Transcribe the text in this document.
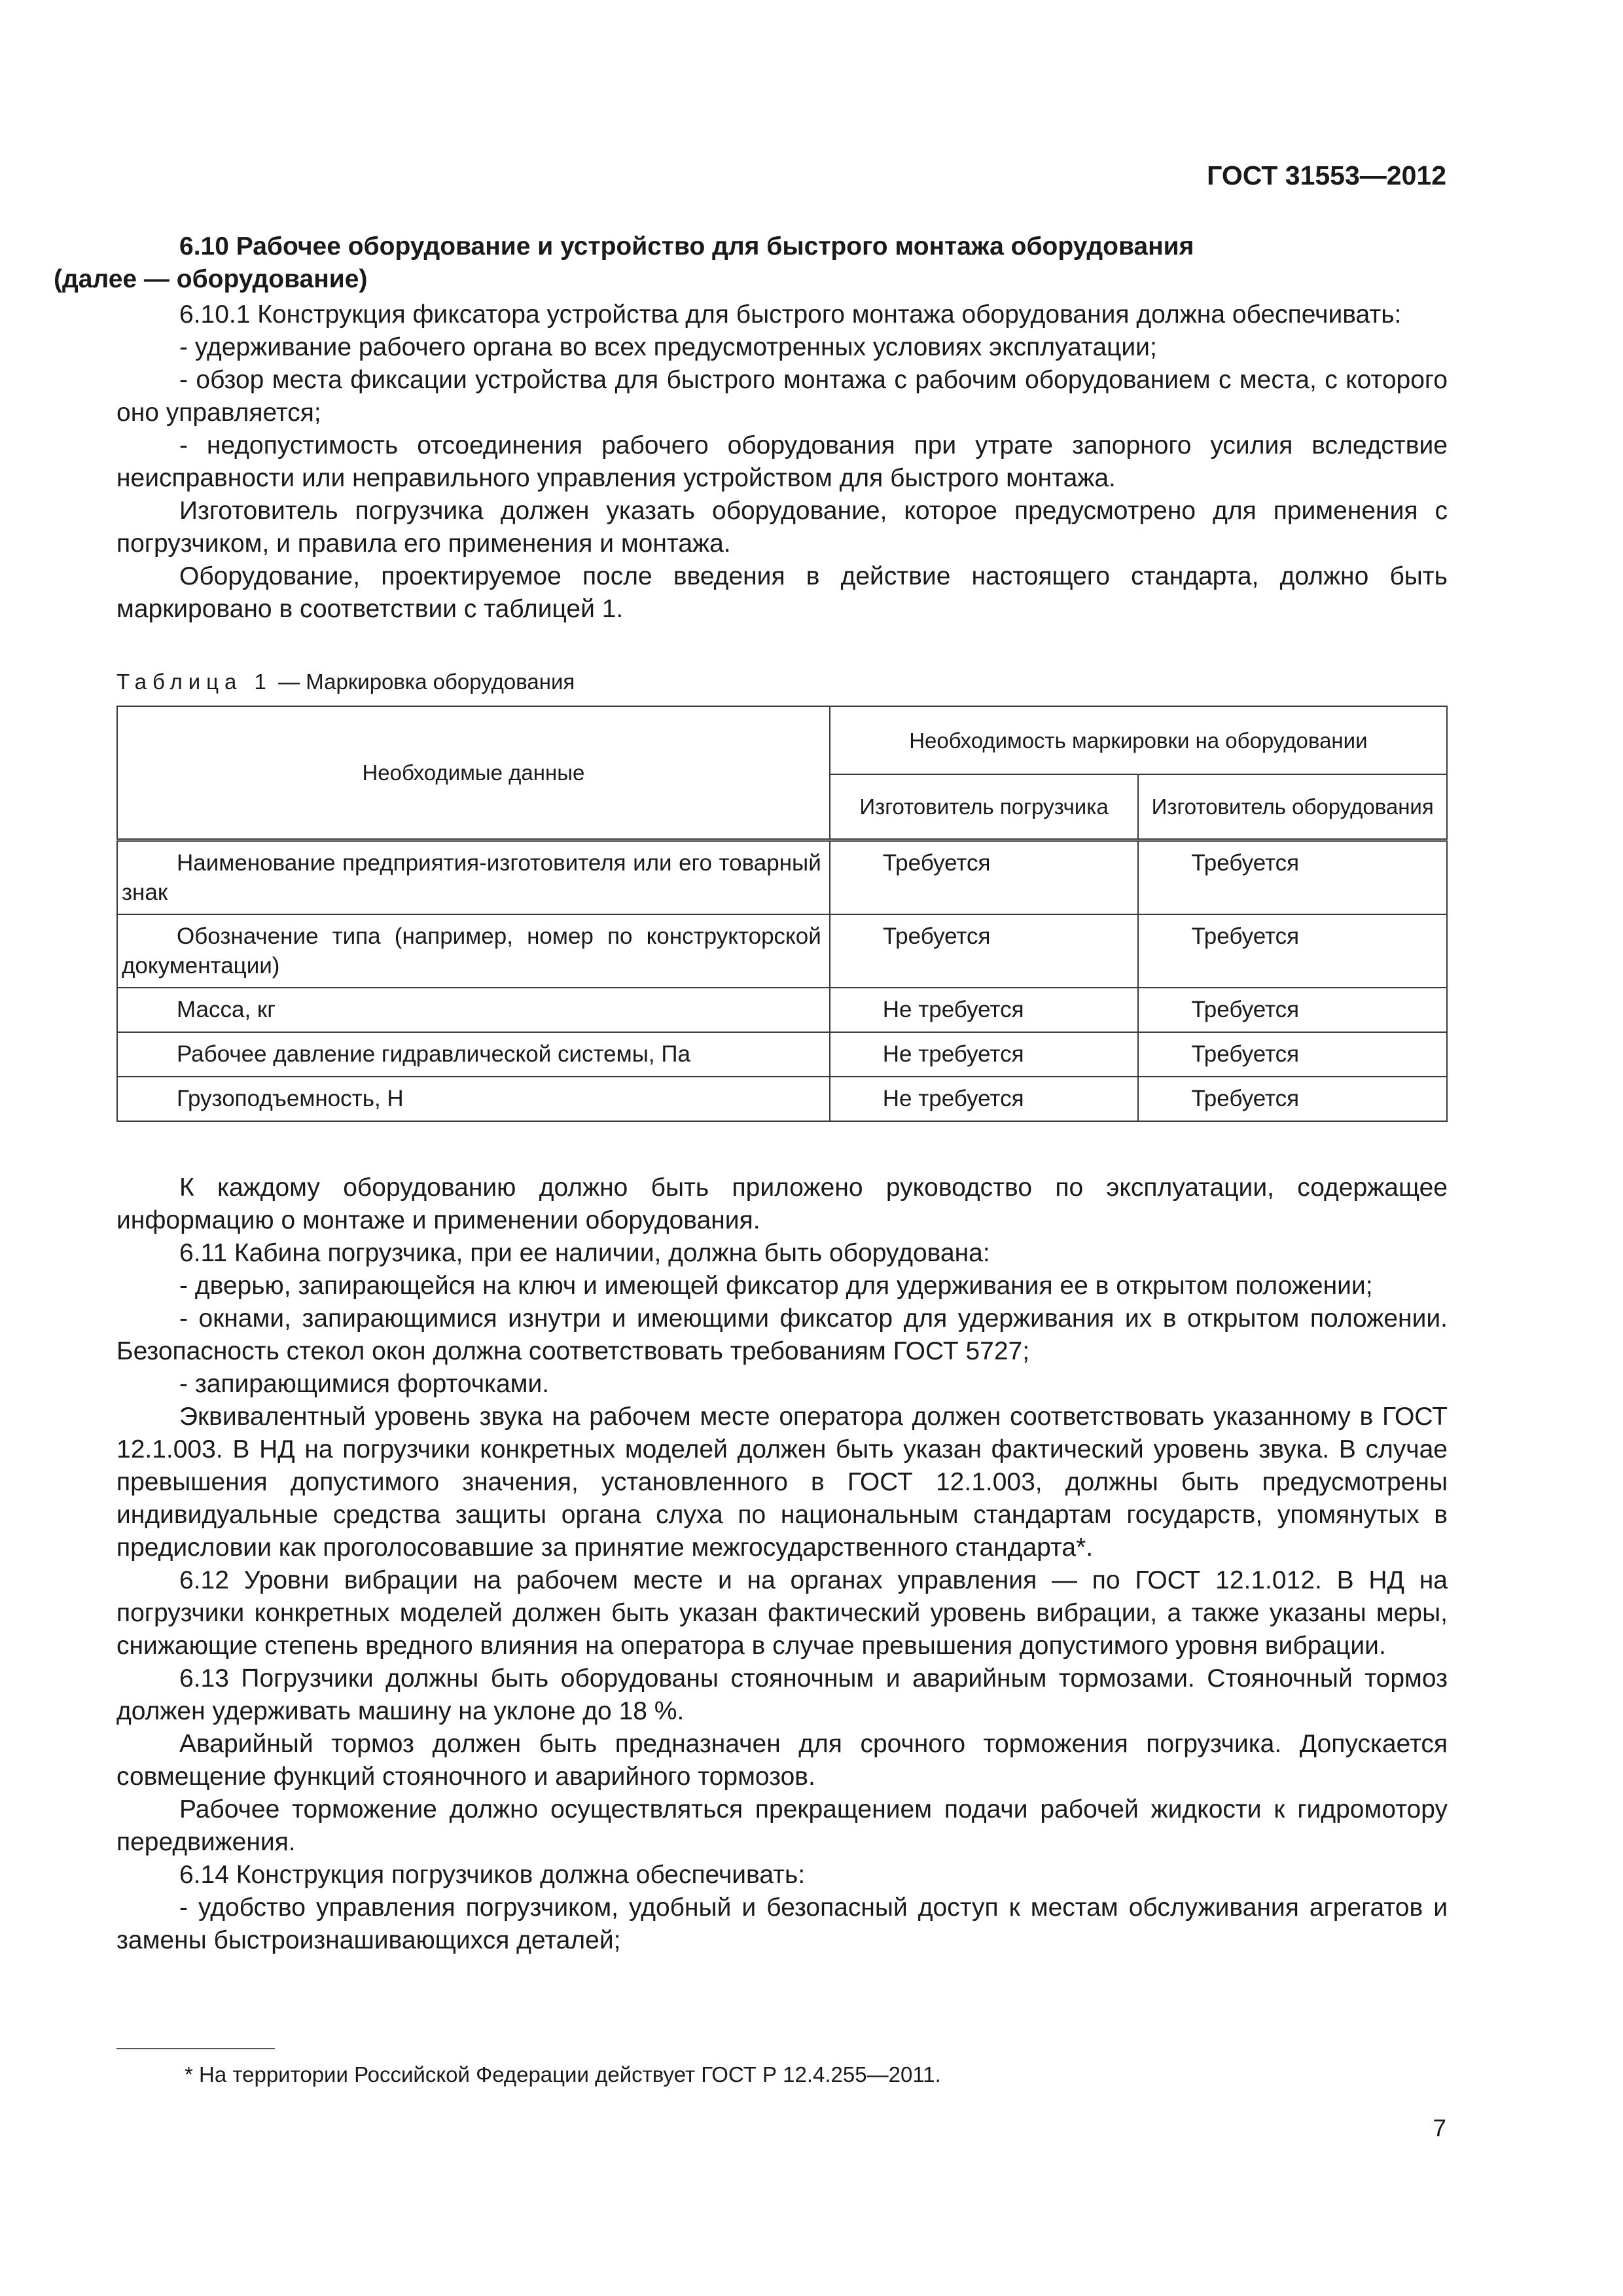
ГОСТ 31553—2012

6.10 Рабочее оборудование и устройство для быстрого монтажа оборудования
(далее — оборудование)

6.10.1 Конструкция фиксатора устройства для быстрого монтажа оборудования должна обеспечивать:

- удерживание рабочего органа во всех предусмотренных условиях эксплуатации;

- обзор места фиксации устройства для быстрого монтажа с рабочим оборудованием с места, с которого оно управляется;

- недопустимость отсоединения рабочего оборудования при утрате запорного усилия вследствие неисправности или неправильного управления устройством для быстрого монтажа.

Изготовитель погрузчика должен указать оборудование, которое предусмотрено для применения с погрузчиком, и правила его применения и монтажа.

Оборудование, проектируемое после введения в действие настоящего стандарта, должно быть маркировано в соответствии с таблицей 1.

Таблица 1 — Маркировка оборудования

Необходимые данные	Необходимость маркировки на оборудовании	
	Изготовитель погрузчика	Изготовитель оборудования
Наименование предприятия-изготовителя или его товарный знак	Требуется	Требуется
Обозначение типа (например, номер по конструкторской документации)	Требуется	Требуется
Масса, кг	Не требуется	Требуется
Рабочее давление гидравлической системы, Па	Не требуется	Требуется
Грузоподъемность, Н	Не требуется	Требуется

К каждому оборудованию должно быть приложено руководство по эксплуатации, содержащее информацию о монтаже и применении оборудования.

6.11 Кабина погрузчика, при ее наличии, должна быть оборудована:

- дверью, запирающейся на ключ и имеющей фиксатор для удерживания ее в открытом положении;

- окнами, запирающимися изнутри и имеющими фиксатор для удерживания их в открытом положении. Безопасность стекол окон должна соответствовать требованиям ГОСТ 5727;

- запирающимися форточками.

Эквивалентный уровень звука на рабочем месте оператора должен соответствовать указанному в ГОСТ 12.1.003. В НД на погрузчики конкретных моделей должен быть указан фактический уровень звука. В случае превышения допустимого значения, установленного в ГОСТ 12.1.003, должны быть предусмотрены индивидуальные средства защиты органа слуха по национальным стандартам государств, упомянутых в предисловии как проголосовавшие за принятие межгосударственного стандарта*.

6.12 Уровни вибрации на рабочем месте и на органах управления — по ГОСТ 12.1.012. В НД на погрузчики конкретных моделей должен быть указан фактический уровень вибрации, а также указаны меры, снижающие степень вредного влияния на оператора в случае превышения допустимого уровня вибрации.

6.13 Погрузчики должны быть оборудованы стояночным и аварийным тормозами. Стояночный тормоз должен удерживать машину на уклоне до 18 %.

Аварийный тормоз должен быть предназначен для срочного торможения погрузчика. Допускается совмещение функций стояночного и аварийного тормозов.

Рабочее торможение должно осуществляться прекращением подачи рабочей жидкости к гидромотору передвижения.

6.14 Конструкция погрузчиков должна обеспечивать:

- удобство управления погрузчиком, удобный и безопасный доступ к местам обслуживания агрегатов и замены быстроизнашивающихся деталей;

* На территории Российской Федерации действует ГОСТ Р 12.4.255—2011.
7
